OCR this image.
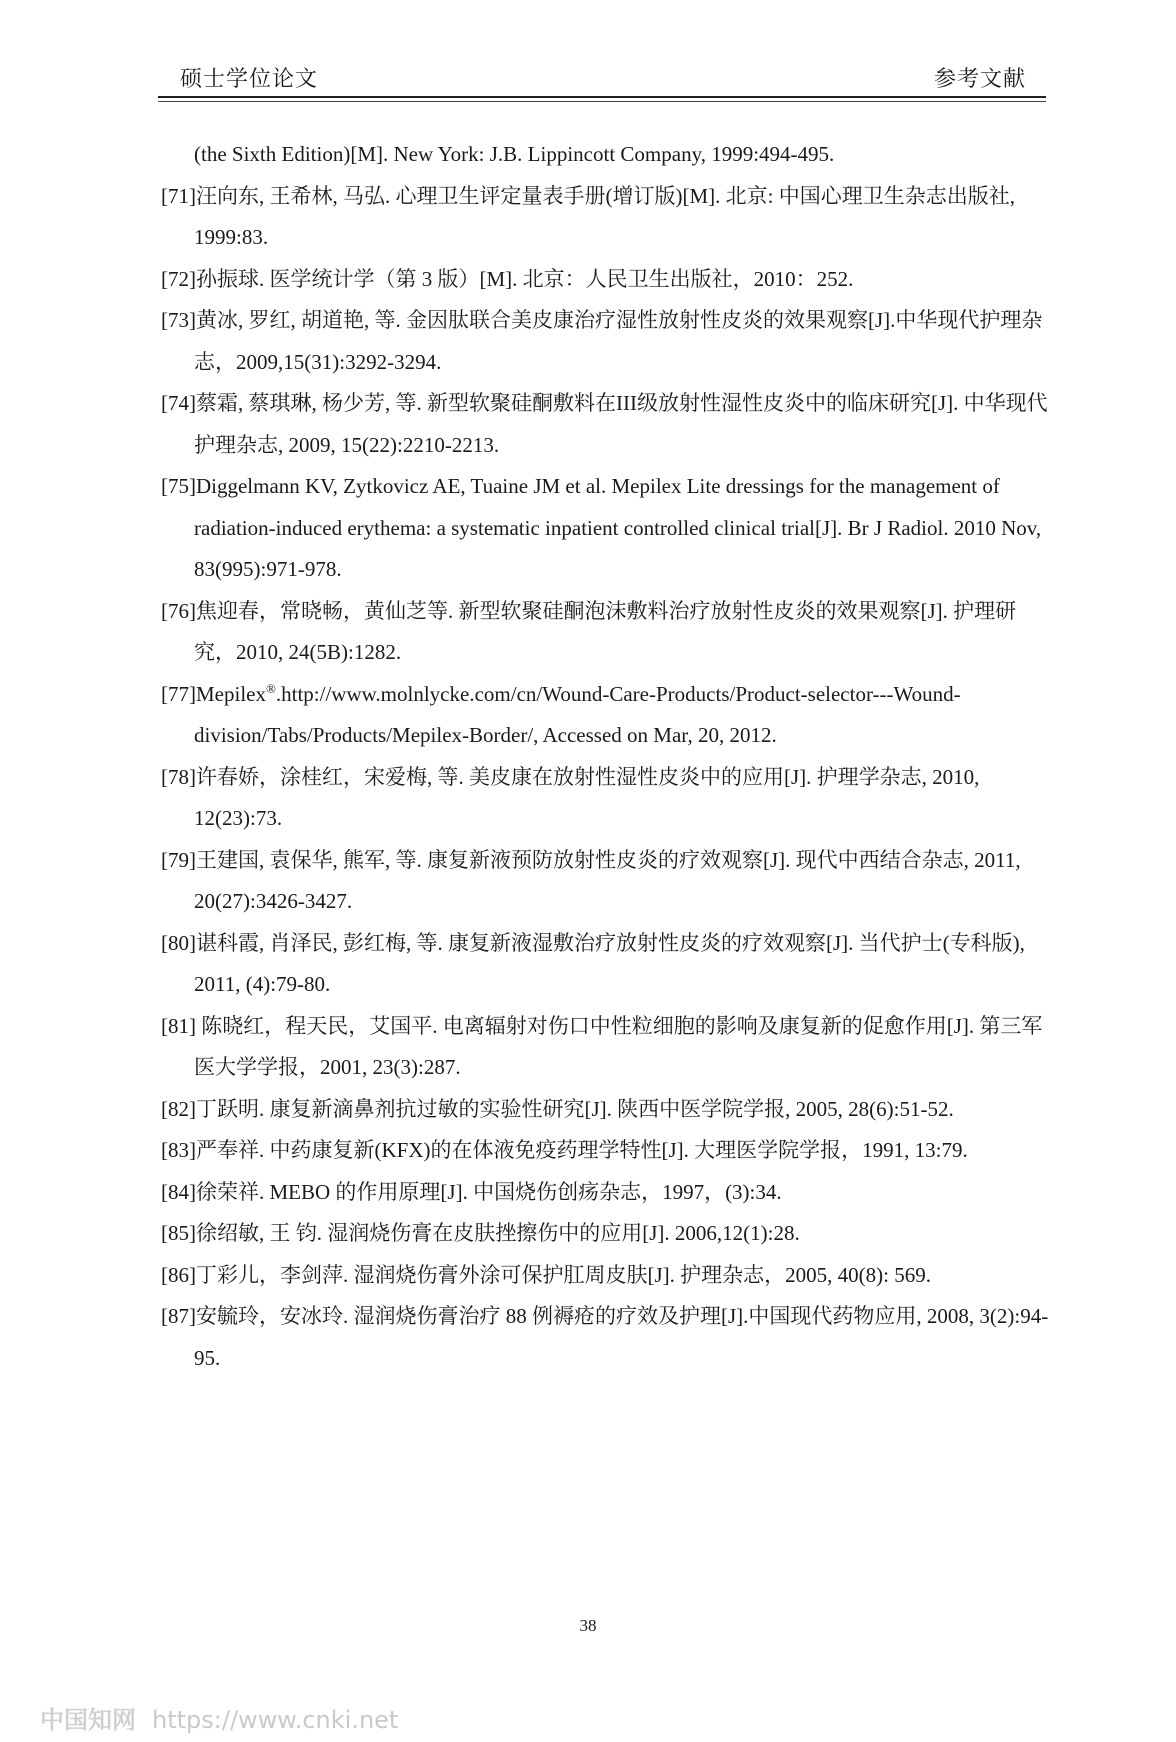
硕士学位论文	参考文献

(the Sixth Edition)[M]. New York: J.B. Lippincott Company, 1999:494-495.

[71]汪向东, 王希林, 马弘. 心理卫生评定量表手册(增订版)[M]. 北京: 中国心理卫生杂志出版社, 1999:83.

[72]孙振球. 医学统计学（第 3 版）[M]. 北京：人民卫生出版社，2010：252.

[73]黄冰, 罗红, 胡道艳, 等. 金因肽联合美皮康治疗湿性放射性皮炎的效果观察[J].中华现代护理杂志，2009,15(31):3292-3294.

[74]蔡霜, 蔡琪琳, 杨少芳, 等. 新型软聚硅酮敷料在III级放射性湿性皮炎中的临床研究[J]. 中华现代护理杂志, 2009, 15(22):2210-2213.

[75]Diggelmann KV, Zytkovicz AE, Tuaine JM et al. Mepilex Lite dressings for the management of radiation-induced erythema: a systematic inpatient controlled clinical trial[J]. Br J Radiol. 2010 Nov, 83(995):971-978.

[76]焦迎春，常晓畅，黄仙芝等. 新型软聚硅酮泡沫敷料治疗放射性皮炎的效果观察[J]. 护理研究，2010, 24(5B):1282.

[77]Mepilex®.http://www.molnlycke.com/cn/Wound-Care-Products/Product-selector---Wound-division/Tabs/Products/Mepilex-Border/, Accessed on Mar, 20, 2012.

[78]许春娇，涂桂红，宋爱梅, 等. 美皮康在放射性湿性皮炎中的应用[J]. 护理学杂志, 2010, 12(23):73.

[79]王建国, 袁保华, 熊军, 等. 康复新液预防放射性皮炎的疗效观察[J]. 现代中西结合杂志, 2011, 20(27):3426-3427.

[80]谌科霞, 肖泽民, 彭红梅, 等. 康复新液湿敷治疗放射性皮炎的疗效观察[J]. 当代护士(专科版), 2011, (4):79-80.

[81] 陈晓红，程天民，艾国平. 电离辐射对伤口中性粒细胞的影响及康复新的促愈作用[J]. 第三军医大学学报，2001, 23(3):287.

[82]丁跃明. 康复新滴鼻剂抗过敏的实验性研究[J]. 陕西中医学院学报, 2005, 28(6):51-52.

[83]严奉祥. 中药康复新(KFX)的在体液免疫药理学特性[J]. 大理医学院学报，1991, 13:79.

[84]徐荣祥. MEBO 的作用原理[J]. 中国烧伤创疡杂志，1997，(3):34.

[85]徐绍敏, 王 钧. 湿润烧伤膏在皮肤挫擦伤中的应用[J]. 2006,12(1):28.

[86]丁彩儿，李剑萍. 湿润烧伤膏外涂可保护肛周皮肤[J]. 护理杂志，2005, 40(8): 569.

[87]安毓玲，安冰玲. 湿润烧伤膏治疗 88 例褥疮的疗效及护理[J].中国现代药物应用, 2008, 3(2):94-95.

38
中国知网 https://www.cnki.net
